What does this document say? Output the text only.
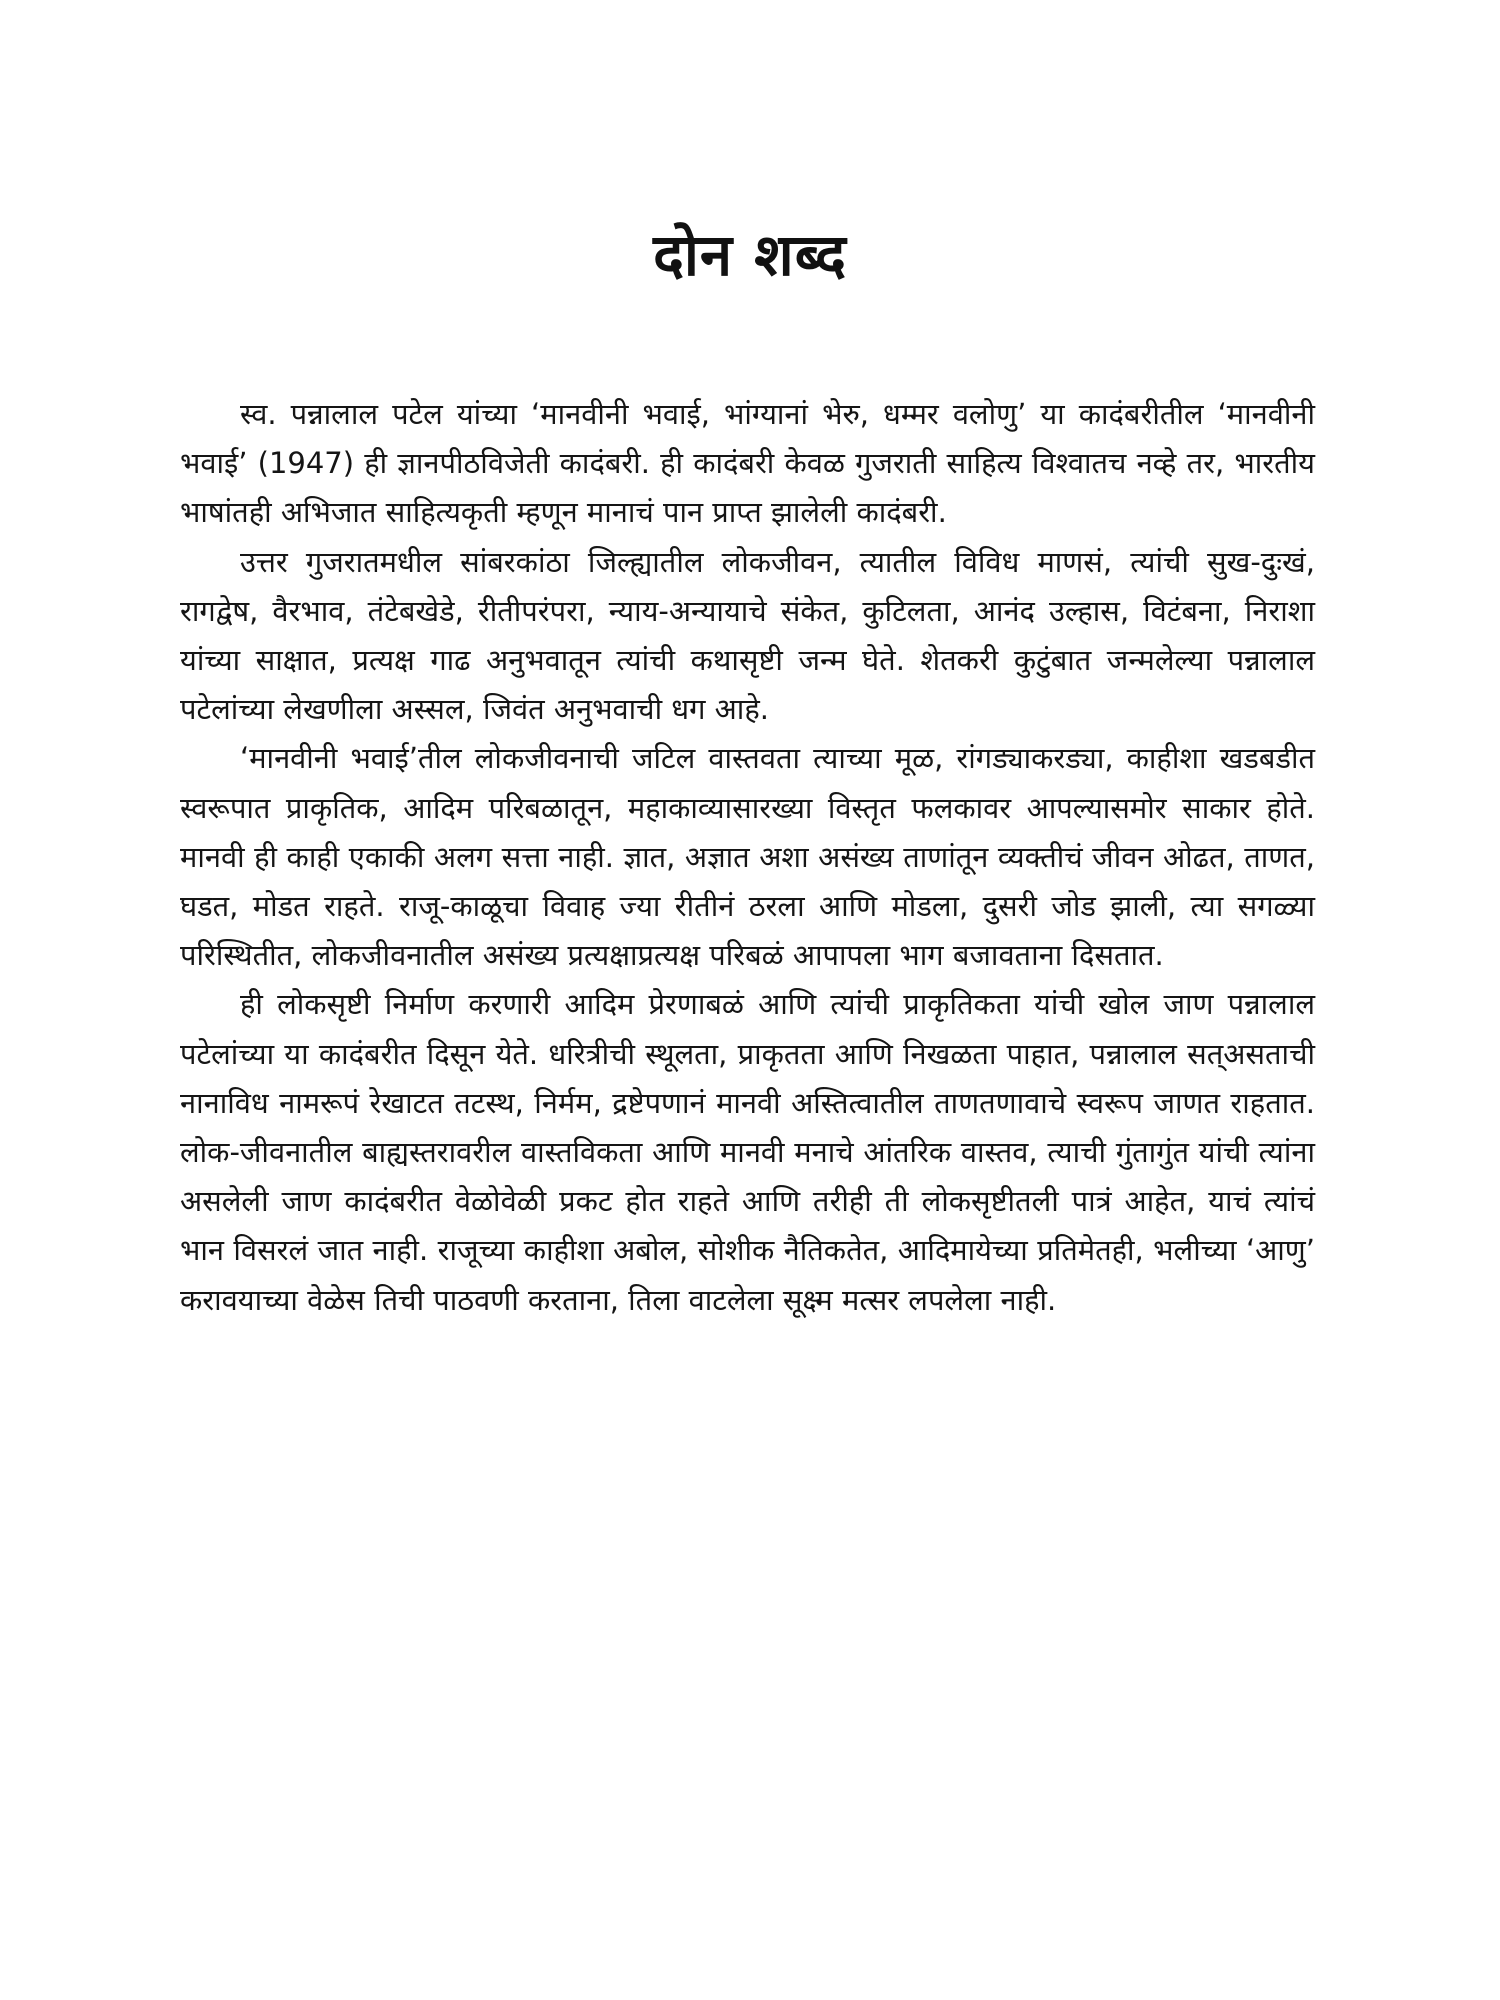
दोन शब्द

स्व. पन्नालाल पटेल यांच्या ‘मानवीनी भवाई, भांग्यानां भेरु, धम्मर वलोणु’ या कादंबरीतील ‘मानवीनी भवाई’ (1947) ही ज्ञानपीठविजेती कादंबरी. ही कादंबरी केवळ गुजराती साहित्य विश्वातच नव्हे तर, भारतीय भाषांतही अभिजात साहित्यकृती म्हणून मानाचं पान प्राप्त झालेली कादंबरी.

उत्तर गुजरातमधील सांबरकांठा जिल्ह्यातील लोकजीवन, त्यातील विविध माणसं, त्यांची सुख-दुःखं, रागद्वेष, वैरभाव, तंटेबखेडे, रीतीपरंपरा, न्याय-अन्यायाचे संकेत, कुटिलता, आनंद उल्हास, विटंबना, निराशा यांच्या साक्षात, प्रत्यक्ष गाढ अनुभवातून त्यांची कथासृष्टी जन्म घेते. शेतकरी कुटुंबात जन्मलेल्या पन्नालाल पटेलांच्या लेखणीला अस्सल, जिवंत अनुभवाची धग आहे.

‘मानवीनी भवाई’तील लोकजीवनाची जटिल वास्तवता त्याच्या मूळ, रांगड्याकरड्या, काहीशा खडबडीत स्वरूपात प्राकृतिक, आदिम परिबळातून, महाकाव्यासारख्या विस्तृत फलकावर आपल्यासमोर साकार होते. मानवी ही काही एकाकी अलग सत्ता नाही. ज्ञात, अज्ञात अशा असंख्य ताणांतून व्यक्तीचं जीवन ओढत, ताणत, घडत, मोडत राहते. राजू-काळूचा विवाह ज्या रीतीनं ठरला आणि मोडला, दुसरी जोड झाली, त्या सगळ्या परिस्थितीत, लोकजीवनातील असंख्य प्रत्यक्षाप्रत्यक्ष परिबळं आपापला भाग बजावताना दिसतात.

ही लोकसृष्टी निर्माण करणारी आदिम प्रेरणाबळं आणि त्यांची प्राकृतिकता यांची खोल जाण पन्नालाल पटेलांच्या या कादंबरीत दिसून येते. धरित्रीची स्थूलता, प्राकृतता आणि निखळता पाहात, पन्नालाल सत्‌असताची नानाविध नामरूपं रेखाटत तटस्थ, निर्मम, द्रष्टेपणानं मानवी अस्तित्वातील ताणतणावाचे स्वरूप जाणत राहतात. लोक-जीवनातील बाह्यस्तरावरील वास्तविकता आणि मानवी मनाचे आंतरिक वास्तव, त्याची गुंतागुंत यांची त्यांना असलेली जाण कादंबरीत वेळोवेळी प्रकट होत राहते आणि तरीही ती लोकसृष्टीतली पात्रं आहेत, याचं त्यांचं भान विसरलं जात नाही. राजूच्या काहीशा अबोल, सोशीक नैतिकतेत, आदिमायेच्या प्रतिमेतही, भलीच्या ‘आणु’ करावयाच्या वेळेस तिची पाठवणी करताना, तिला वाटलेला सूक्ष्म मत्सर लपलेला नाही.
